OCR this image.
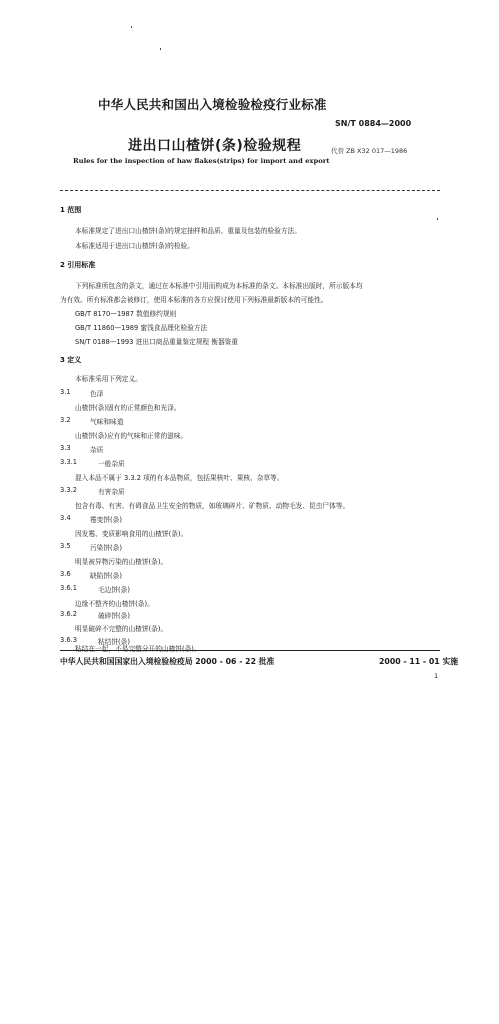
中华人民共和国出入境检验检疫行业标准
SN/T 0884—2000
进出口山楂饼(条)检验规程	代替 ZB X32 017—1986
Rules for the inspection of haw flakes(strips) for import and export
1 范围
本标准规定了进出口山楂饼(条)的规定抽样和品质、重量及包装的检验方法。
本标准适用于进出口山楂饼(条)的检验。
2 引用标准
下列标准所包含的条文，通过在本标准中引用而构成为本标准的条文。本标准出版时，所示版本均
为有效。所有标准都会被修订，使用本标准的各方应探讨使用下列标准最新版本的可能性。
GB/T 8170—1987 数值修约规则
GB/T 11860—1989 蜜饯食品理化检验方法
SN/T 0188—1993 进出口商品重量鉴定规程 衡器鉴重
3 定义
本标准采用下列定义。
3.1	色泽
山楂饼(条)固有的正常颜色和光泽。
3.2	气味和味道
山楂饼(条)应有的气味和正常的滋味。
3.3	杂质
3.3.1	一般杂质
混入本品不属于 3.3.2 项的有本品物质，包括果核叶、果核、杂草等。
3.3.2	有害杂质
包含有毒、有害、有碍食品卫生安全的物质，如玻璃碎片、矿物质、动物毛发、昆虫尸体等。
3.4	霉变饼(条)
因发霉、变质影响食用的山楂饼(条)。
3.5	污染饼(条)
明显被异物污染的山楂饼(条)。
3.6	缺陷饼(条)
3.6.1	毛边饼(条)
边缘不整齐的山楂饼(条)。
3.6.2	破碎饼(条)
明显破碎不完整的山楂饼(条)。
3.6.3	粘结饼(条)
粘结在一起，不易完整分开的山楂饼(条)。
中华人民共和国国家出入境检验检疫局 2000 - 06 - 22 批准	2000 - 11 - 01 实施
1
